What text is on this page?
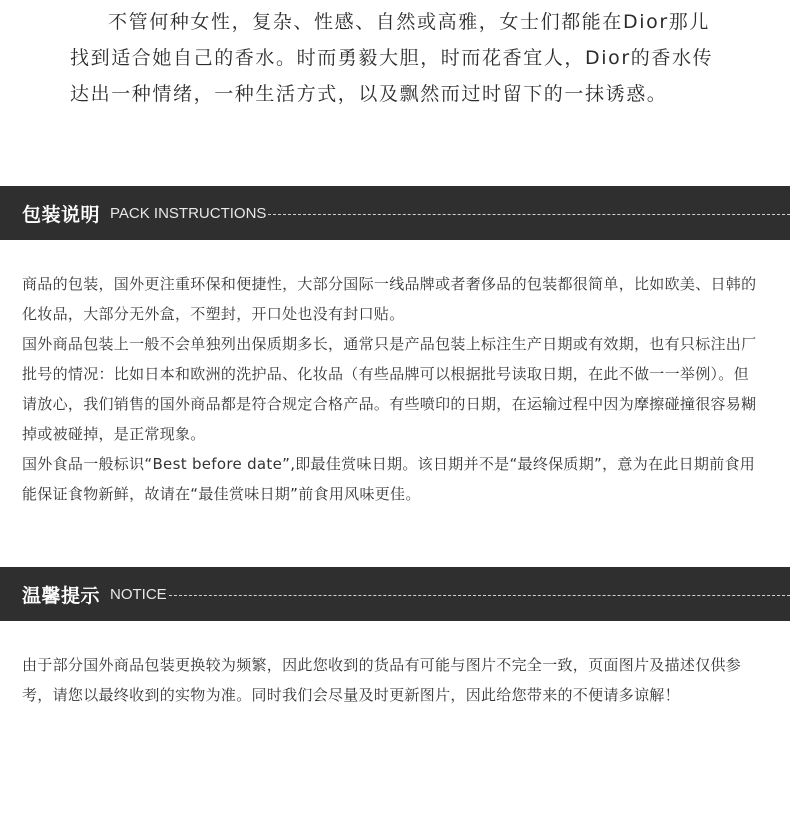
不管何种女性，复杂、性感、自然或高雅，女士们都能在Dior那儿找到适合她自己的香水。时而勇毅大胆，时而花香宜人，Dior的香水传达出一种情绪，一种生活方式，以及飘然而过时留下的一抹诱惑。

包装说明 PACK INSTRUCTIONS

商品的包装，国外更注重环保和便捷性，大部分国际一线品牌或者奢侈品的包装都很简单，比如欧美、日韩的化妆品，大部分无外盒，不塑封，开口处也没有封口贴。

国外商品包装上一般不会单独列出保质期多长，通常只是产品包装上标注生产日期或有效期，也有只标注出厂批号的情况：比如日本和欧洲的洗护品、化妆品（有些品牌可以根据批号读取日期，在此不做一一举例）。但请放心，我们销售的国外商品都是符合规定合格产品。有些喷印的日期，在运输过程中因为摩擦碰撞很容易糊掉或被碰掉，是正常现象。

国外食品一般标识“Best before date”,即最佳赏味日期。该日期并不是“最终保质期”，意为在此日期前食用能保证食物新鲜，故请在“最佳赏味日期”前食用风味更佳。

温馨提示 NOTICE

由于部分国外商品包装更换较为频繁，因此您收到的货品有可能与图片不完全一致，页面图片及描述仅供参考，请您以最终收到的实物为准。同时我们会尽量及时更新图片，因此给您带来的不便请多谅解！
